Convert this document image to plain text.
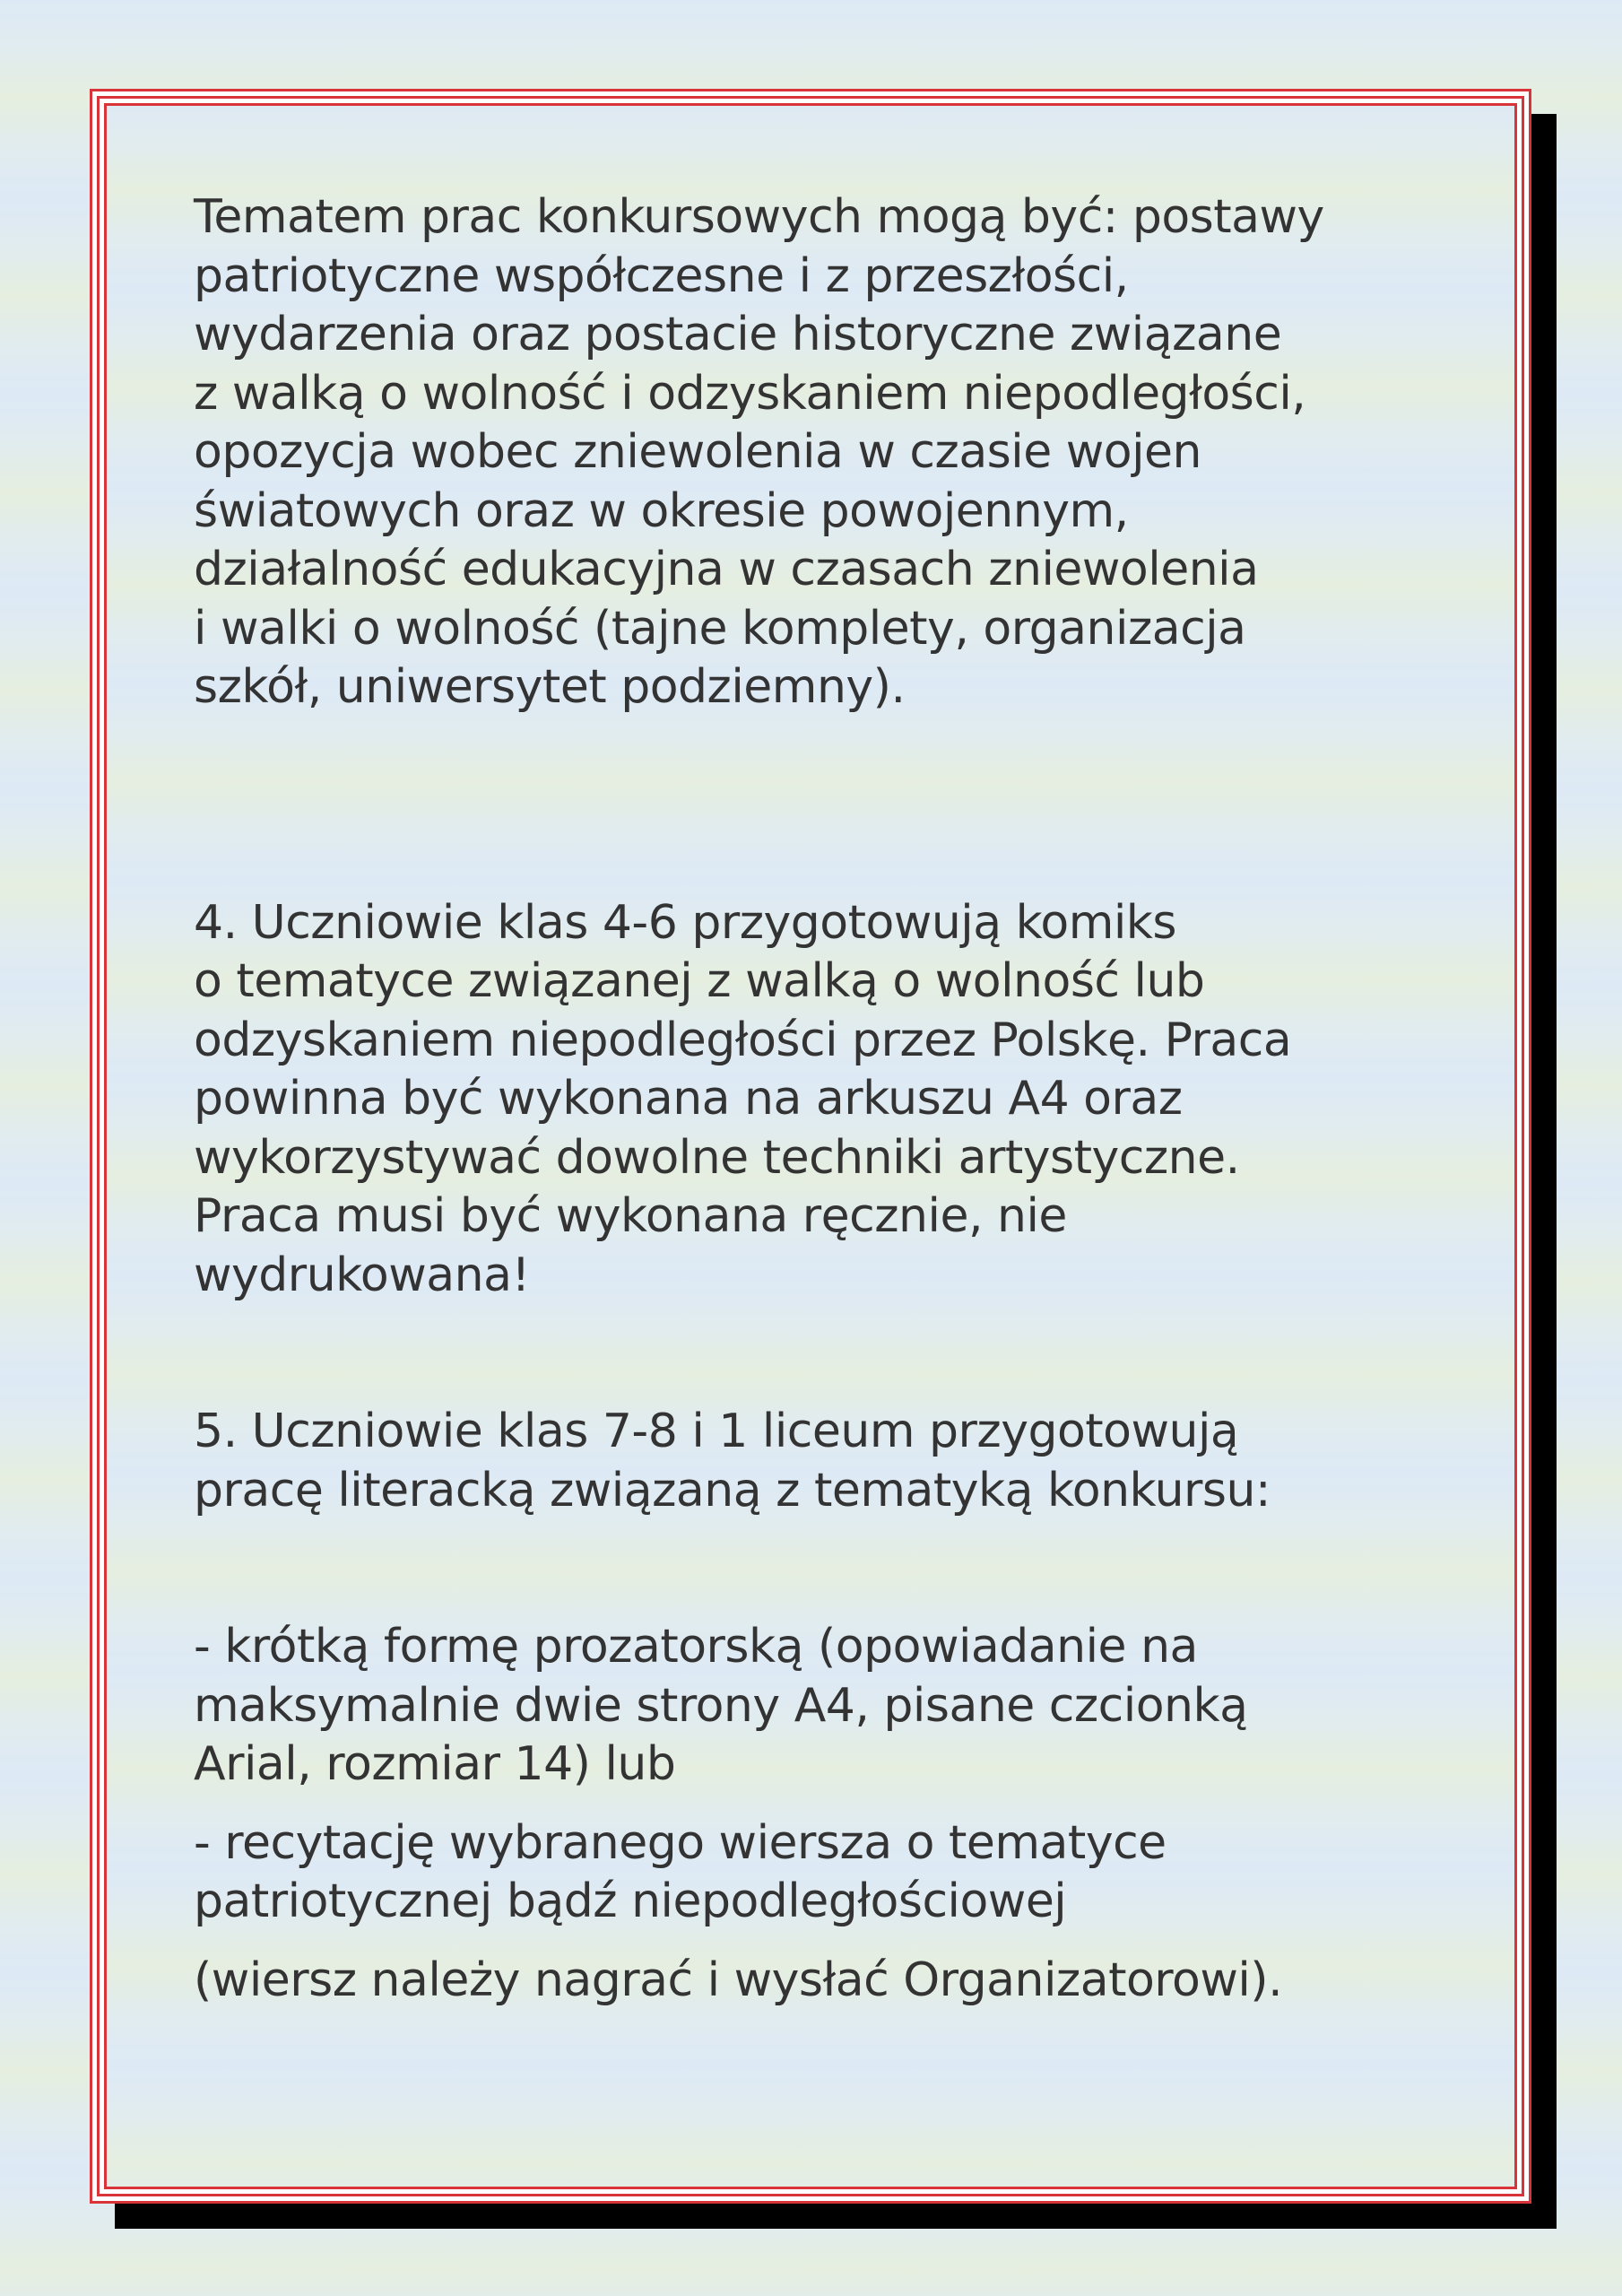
Tematem prac konkursowych mogą być: postawy
patriotyczne współczesne i z przeszłości,
wydarzenia oraz postacie historyczne związane
z walką o wolność i odzyskaniem niepodległości,
opozycja wobec zniewolenia w czasie wojen
światowych oraz w okresie powojennym,
działalność edukacyjna w czasach zniewolenia
i walki o wolność (tajne komplety, organizacja
szkół, uniwersytet podziemny).

4. Uczniowie klas 4-6 przygotowują komiks
o tematyce związanej z walką o wolność lub
odzyskaniem niepodległości przez Polskę. Praca
powinna być wykonana na arkuszu A4 oraz
wykorzystywać dowolne techniki artystyczne.
Praca musi być wykonana ręcznie, nie
wydrukowana!

5. Uczniowie klas 7-8 i 1 liceum przygotowują
pracę literacką związaną z tematyką konkursu:

- krótką formę prozatorską (opowiadanie na
maksymalnie dwie strony A4, pisane czcionką
Arial, rozmiar 14) lub

- recytację wybranego wiersza o tematyce
patriotycznej bądź niepodległościowej

(wiersz należy nagrać i wysłać Organizatorowi).
